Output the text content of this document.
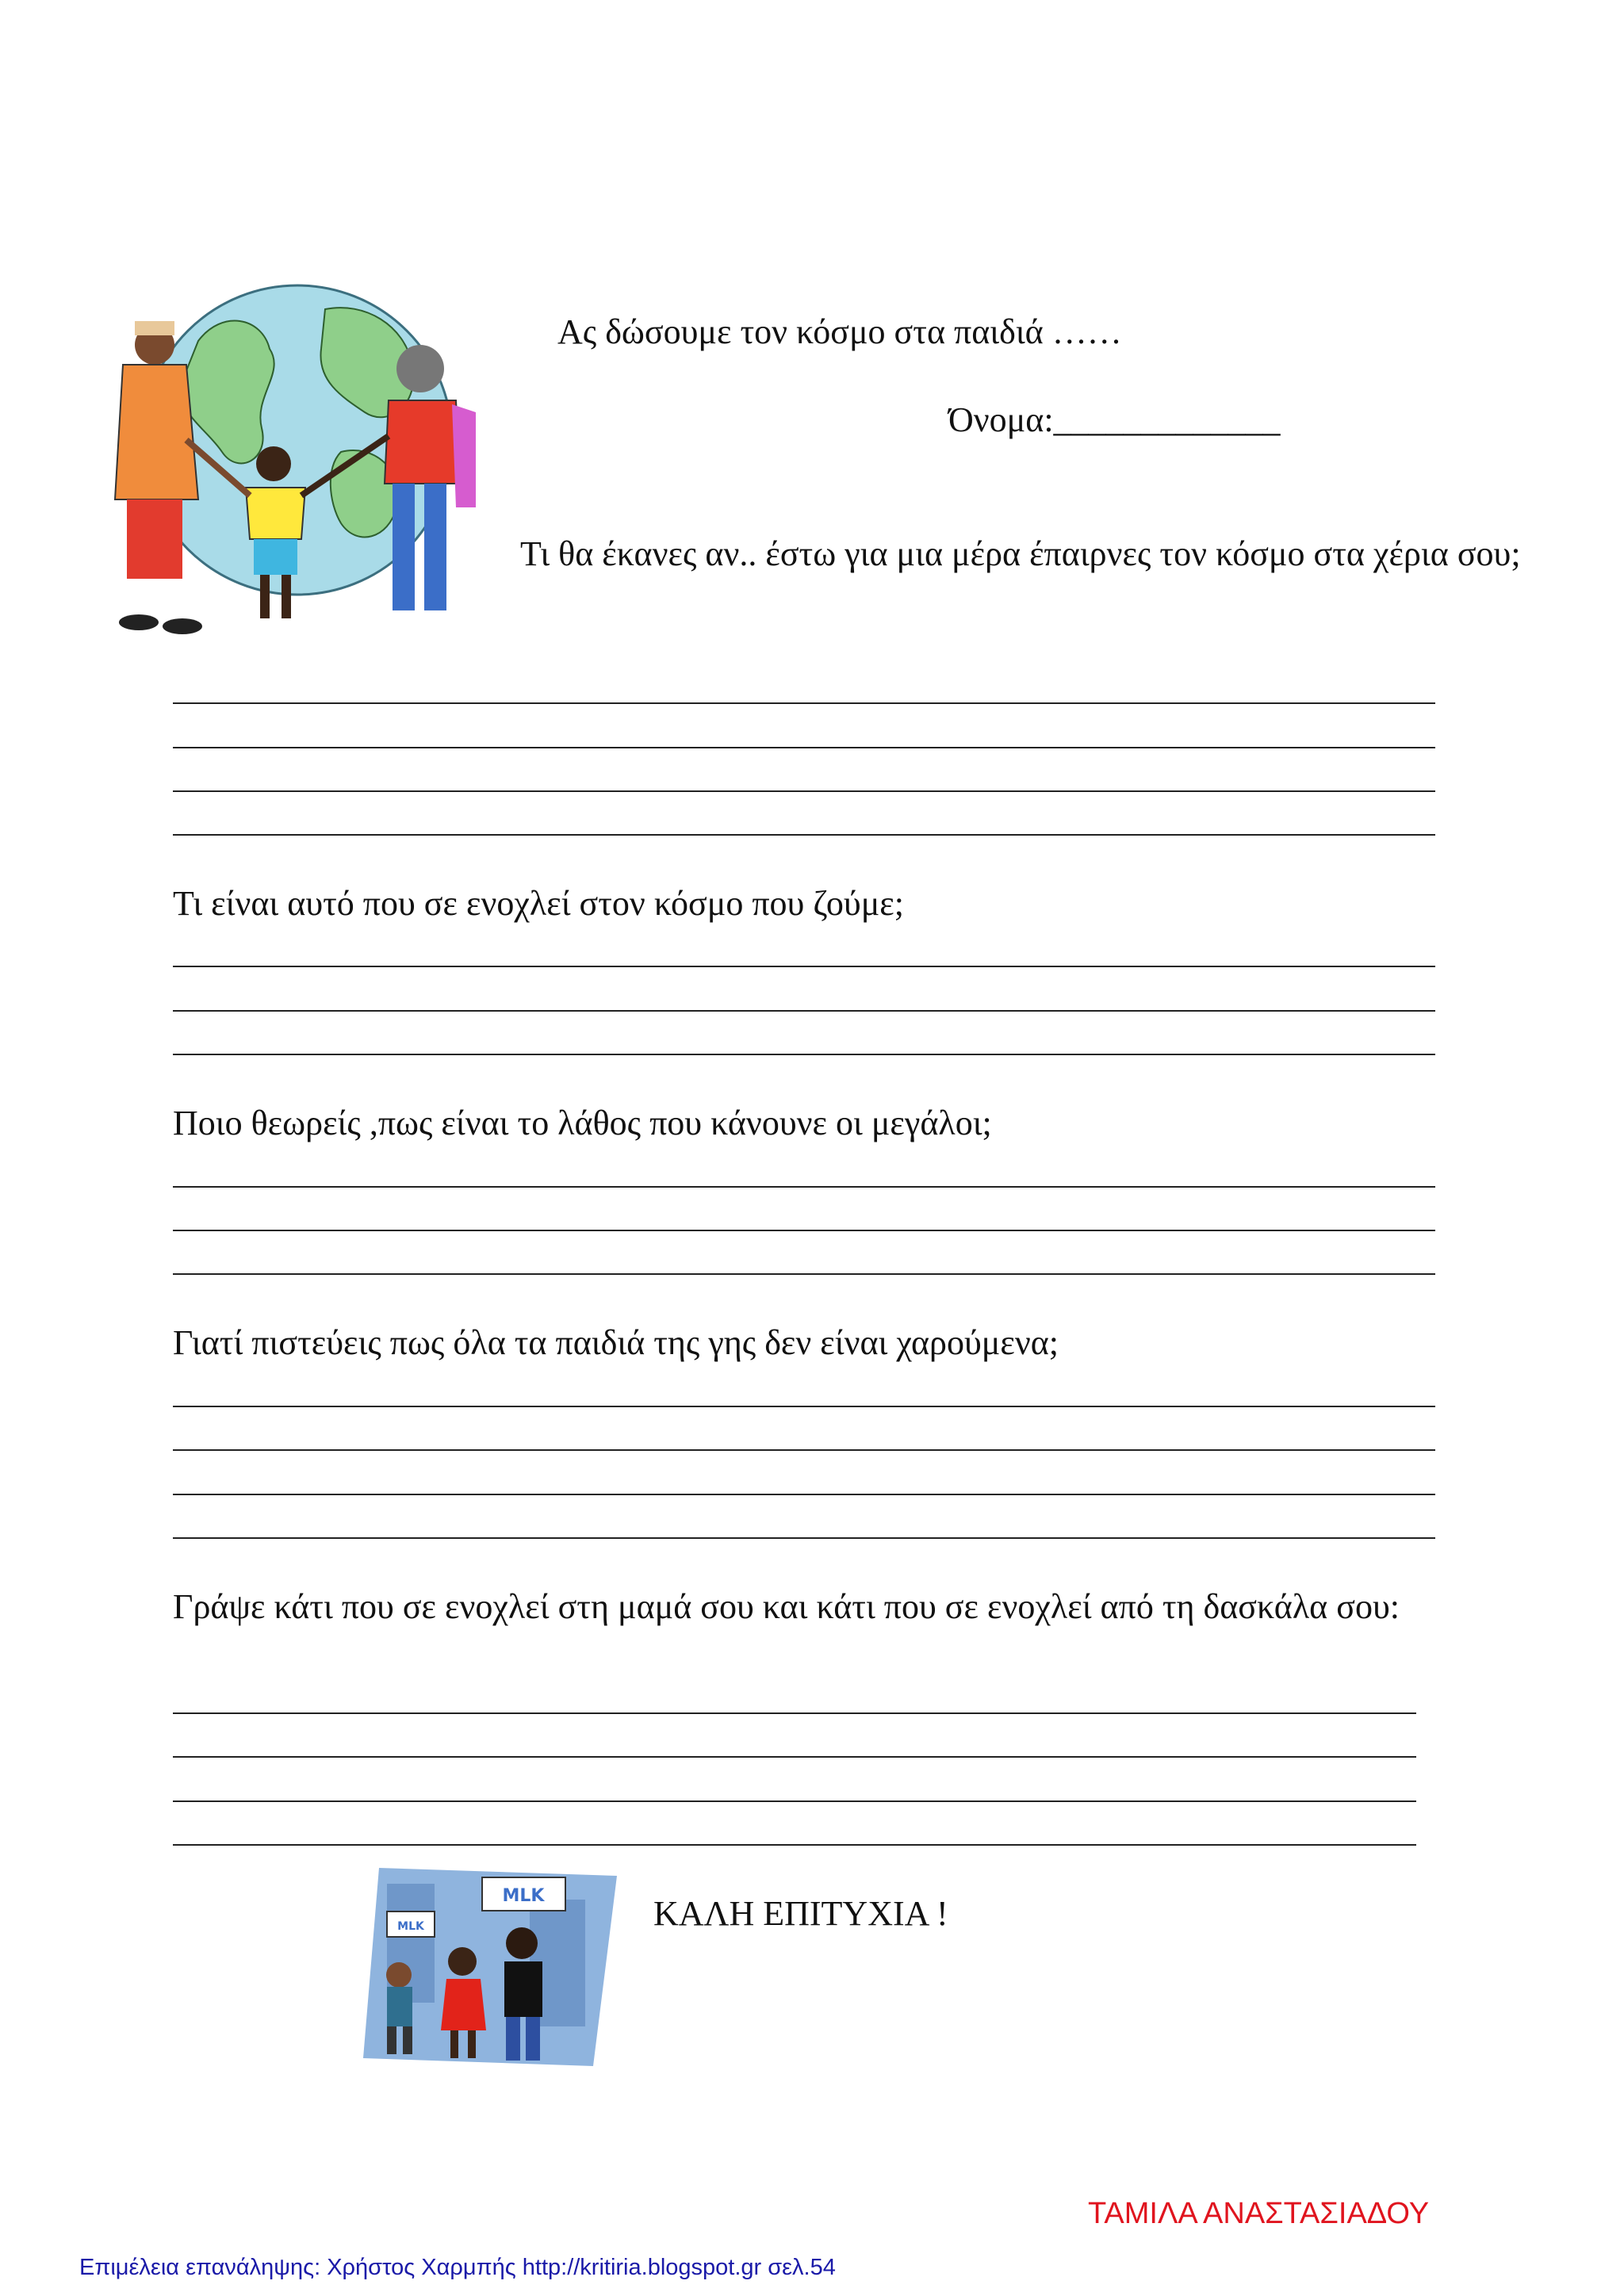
Ας δώσουμε τον κόσμο στα παιδιά ……
Όνομα:_____________
Τι θα έκανες αν.. έστω για μια μέρα έπαιρνες τον κόσμο στα χέρια σου;
Τι είναι αυτό που σε ενοχλεί στον κόσμο που ζούμε;
Ποιο θεωρείς ,πως είναι το λάθος που κάνουνε οι μεγάλοι;
Γιατί πιστεύεις πως όλα τα παιδιά της γης δεν είναι χαρούμενα;
Γράψε κάτι που σε ενοχλεί στη μαμά σου και κάτι που σε ενοχλεί από τη δασκάλα σου:
MLK
MLK	ΚΑΛΗ ΕΠΙΤΥΧΙΑ !
ΤΑΜΙΛΑ ΑΝΑΣΤΑΣΙΑΔΟΥ
Επιμέλεια επανάληψης: Χρήστος Χαρμπής http://kritiria.blogspot.gr σελ.54
